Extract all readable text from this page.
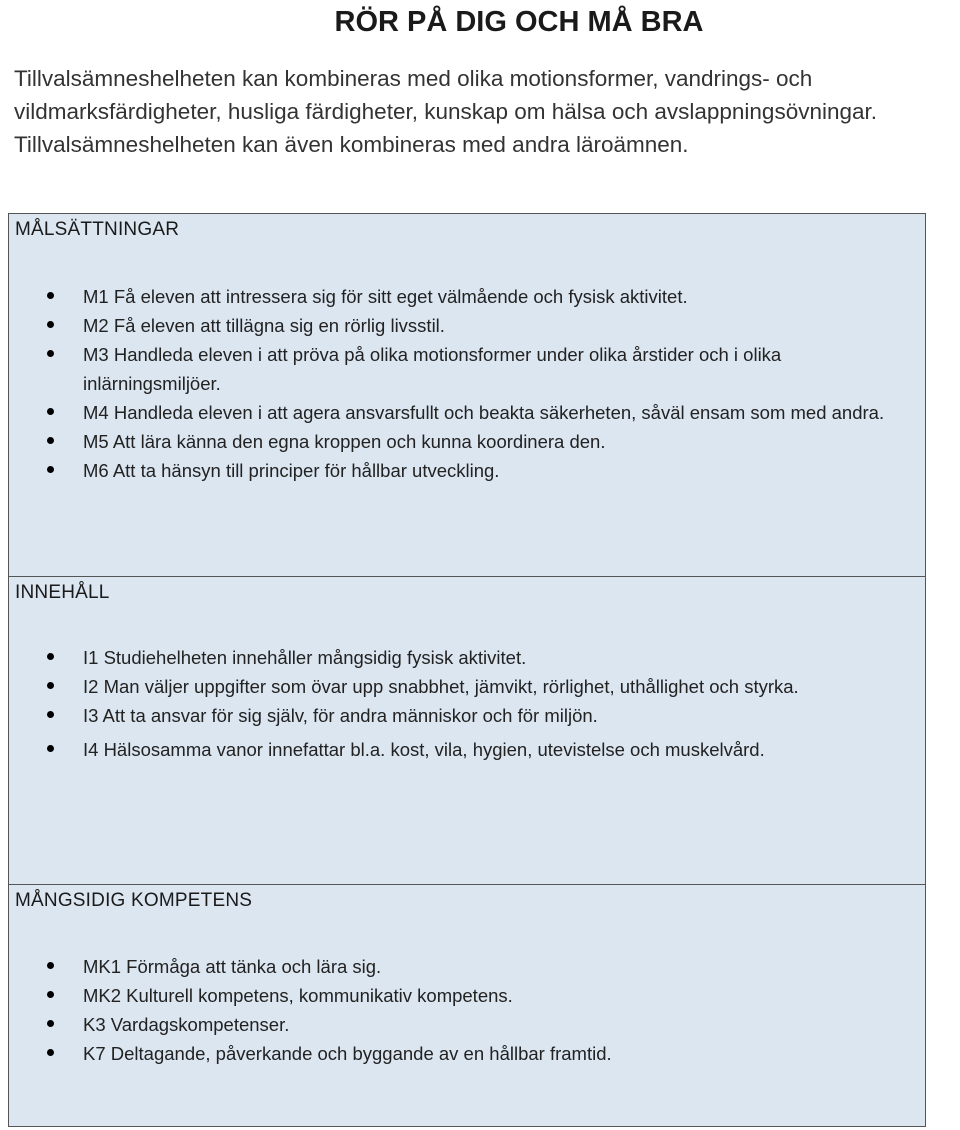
RÖR PÅ DIG OCH MÅ BRA

Tillvalsämneshelheten kan kombineras med olika motionsformer, vandrings- och vildmarksfärdigheter, husliga färdigheter, kunskap om hälsa och avslappningsövningar. Tillvalsämneshelheten kan även kombineras med andra läroämnen.

MÅLSÄTTNINGAR
M1 Få eleven att intressera sig för sitt eget välmående och fysisk aktivitet.
M2 Få eleven att tillägna sig en rörlig livsstil.
M3 Handleda eleven i att pröva på olika motionsformer under olika årstider och i olika inlärningsmiljöer.
M4 Handleda eleven i att agera ansvarsfullt och beakta säkerheten, såväl ensam som med andra.
M5 Att lära känna den egna kroppen och kunna koordinera den.
M6 Att ta hänsyn till principer för hållbar utveckling.
INNEHÅLL
I1 Studiehelheten innehåller mångsidig fysisk aktivitet.
I2 Man väljer uppgifter som övar upp snabbhet, jämvikt, rörlighet, uthållighet och styrka.
I3 Att ta ansvar för sig själv, för andra människor och för miljön.
I4 Hälsosamma vanor innefattar bl.a. kost, vila, hygien, utevistelse och muskelvård.
MÅNGSIDIG KOMPETENS
MK1 Förmåga att tänka och lära sig.
MK2 Kulturell kompetens, kommunikativ kompetens.
K3 Vardagskompetenser.
K7 Deltagande, påverkande och byggande av en hållbar framtid.
